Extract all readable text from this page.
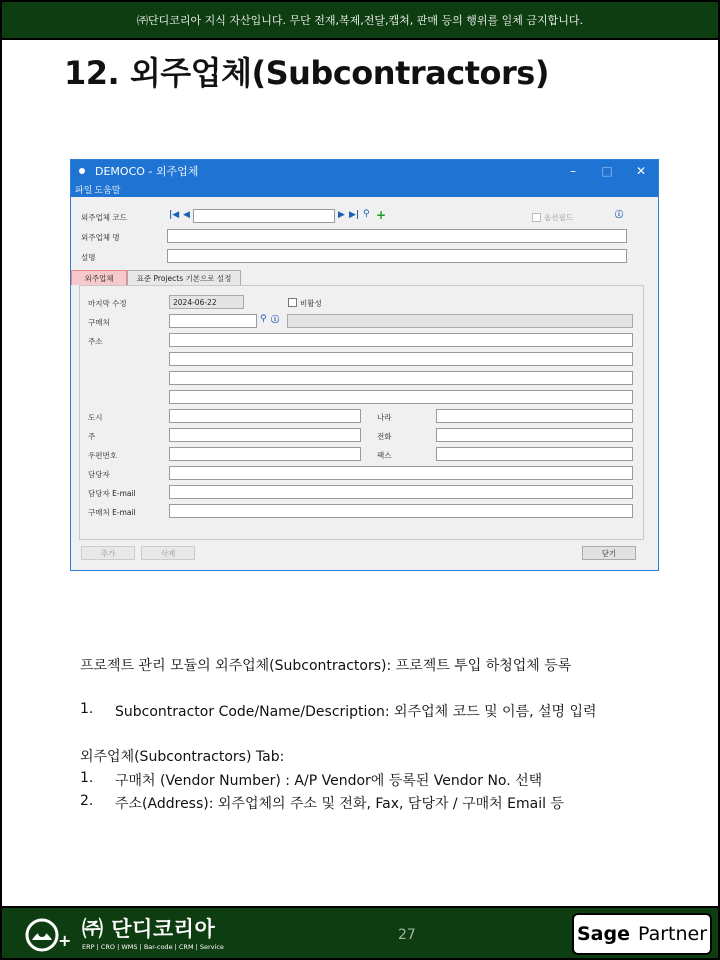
㈜단디코리아 지식 자산입니다. 무단 전재,복제,전달,캡쳐, 판매 등의 행위를 일체 금지합니다.
12. 외주업체(Subcontractors)
DEMOCO - 외주업체	–	□	✕
파일 도움말
외주업체 코드	|◀ ◀	▶ ▶| ⚲ +	옵션필드	ⓘ
외주업체 명
설명
외주업체	표준 Projects 기본으로 설정
마지막 수정	2024-06-22	비활성
구매처	⚲ ⓘ
주소
도시	나라
주	전화
우편번호	팩스
담당자
담당자 E-mail
구매처 E-mail
추가	삭제	닫기
프로젝트 관리 모듈의 외주업체(Subcontractors): 프로젝트 투입 하청업체 등록
1. Subcontractor Code/Name/Description: 외주업체 코드 및 이름, 설명 입력
외주업체(Subcontractors) Tab:
1. 구매처 (Vendor Number) : A/P Vendor에 등록된 Vendor No. 선택
2. 주소(Address): 외주업체의 주소 및 전화, Fax, 담당자 / 구매처 Email 등
+ ㈜ 단디코리아
ERP | CRO | WMS | Bar-code | CRM | Service
27	Sage Partner
